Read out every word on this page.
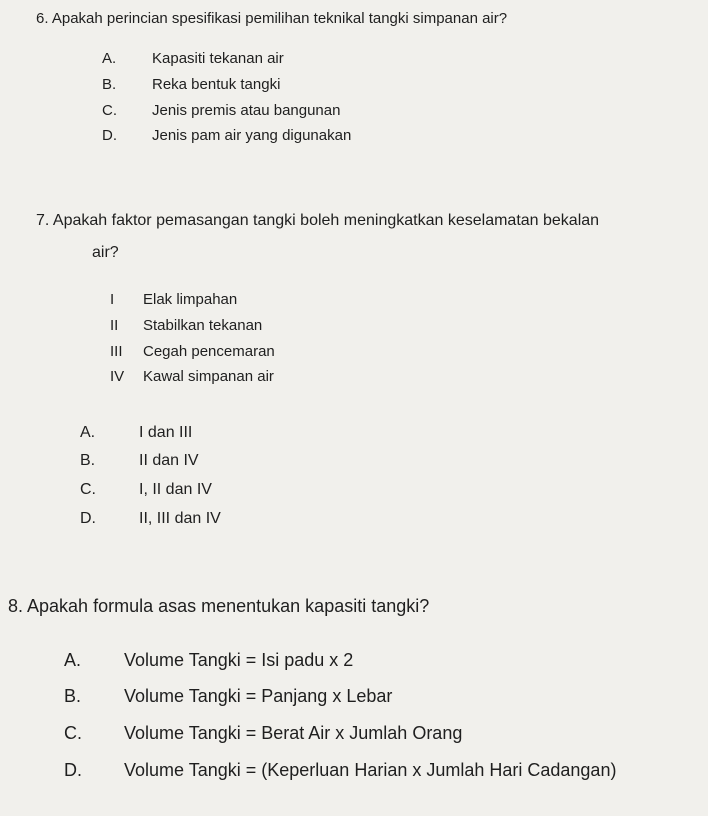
6. Apakah perincian spesifikasi pemilihan teknikal tangki simpanan air?
A. Kapasiti tekanan air
B. Reka bentuk tangki
C. Jenis premis atau bangunan
D. Jenis pam air yang digunakan
7. Apakah faktor pemasangan tangki boleh meningkatkan keselamatan bekalan
air?
I Elak limpahan
II Stabilkan tekanan
III Cegah pencemaran
IV Kawal simpanan air
A.	I dan III
B.	II dan IV
C.	I, II dan IV
D.	II, III dan IV
8. Apakah formula asas menentukan kapasiti tangki?
A. Volume Tangki = Isi padu x 2
B. Volume Tangki = Panjang x Lebar
C. Volume Tangki = Berat Air x Jumlah Orang
D. Volume Tangki = (Keperluan Harian x Jumlah Hari Cadangan)
